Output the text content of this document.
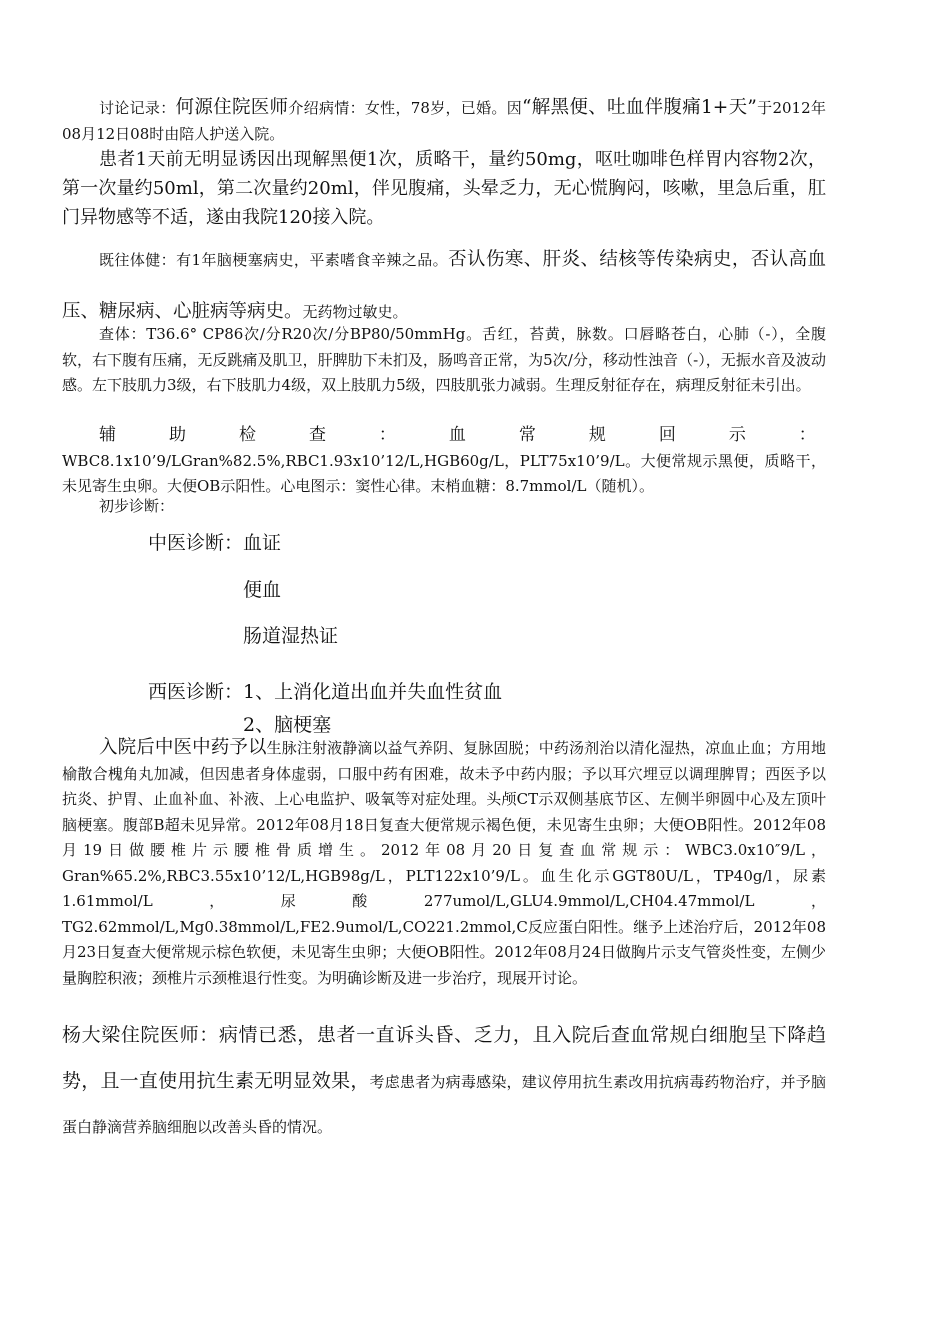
讨论记录：何源住院医师介绍病情：女性，78岁，已婚。因“解黑便、吐血伴腹痛1+天”于2012年08月12日08时由陪人护送入院。

患者1天前无明显诱因出现解黑便1次，质略干，量约50mg，呕吐咖啡色样胃内容物2次，第一次量约50ml，第二次量约20ml，伴见腹痛，头晕乏力，无心慌胸闷，咳嗽，里急后重，肛门异物感等不适，遂由我院120接入院。

既往体健：有1年脑梗塞病史，平素嗜食辛辣之品。否认伤寒、肝炎、结核等传染病史，否认高血压、糖尿病、心脏病等病史。无药物过敏史。

查体：T36.6° CP86次/分R20次/分BP80/50mmHg。舌红，苔黄，脉数。口唇略苍白，心肺（-），全腹软，右下腹有压痛，无反跳痛及肌卫，肝脾肋下未扪及，肠鸣音正常，为5次/分，移动性浊音（-），无振水音及波动感。左下肢肌力3级，右下肢肌力4级，双上肢肌力5级，四肢肌张力减弱。生理反射征存在，病理反射征未引出。

辅助检查：血常规回示：WBC8.1x10’9/LGran%82.5%,RBC1.93x10’12/L,HGB60g/L，PLT75x10’9/L。大便常规示黑便，质略干，未见寄生虫卵。大便OB示阳性。心电图示：窦性心律。末梢血糖：8.7mmol/L（随机）。

初步诊断：

中医诊断：血证
便血
肠道湿热证
西医诊断：1、上消化道出血并失血性贫血
2、脑梗塞

入院后中医中药予以生脉注射液静滴以益气养阴、复脉固脱；中药汤剂治以清化湿热，凉血止血；方用地榆散合槐角丸加减，但因患者身体虚弱，口服中药有困难，故未予中药内服；予以耳穴埋豆以调理脾胃；西医予以抗炎、护胃、止血补血、补液、上心电监护、吸氧等对症处理。头颅CT示双侧基底节区、左侧半卵圆中心及左顶叶脑梗塞。腹部B超未见异常。2012年08月18日复查大便常规示褐色便，未见寄生虫卵；大便OB阳性。2012年08月19日做腰椎片示腰椎骨质增生。2012年08月20日复查血常规示：WBC3.0x10″9/L，Gran%65.2%,RBC3.55x10’12/L,HGB98g/L，PLT122x10’9/L。血生化示GGT80U/L，TP40g/l，尿素1.61mmol/L，尿酸277umol/L,GLU4.9mmol/L,CH04.47mmol/L，TG2.62mmol/L,Mg0.38mmol/L,FE2.9umol/L,CO221.2mmol,C反应蛋白阳性。继予上述治疗后，2012年08月23日复查大便常规示棕色软便，未见寄生虫卵；大便OB阳性。2012年08月24日做胸片示支气管炎性变，左侧少量胸腔积液；颈椎片示颈椎退行性变。为明确诊断及进一步治疗，现展开讨论。

杨大梁住院医师：病情已悉，患者一直诉头昏、乏力，且入院后查血常规白细胞呈下降趋势，且一直使用抗生素无明显效果，考虑患者为病毒感染，建议停用抗生素改用抗病毒药物治疗，并予脑蛋白静滴营养脑细胞以改善头昏的情况。
